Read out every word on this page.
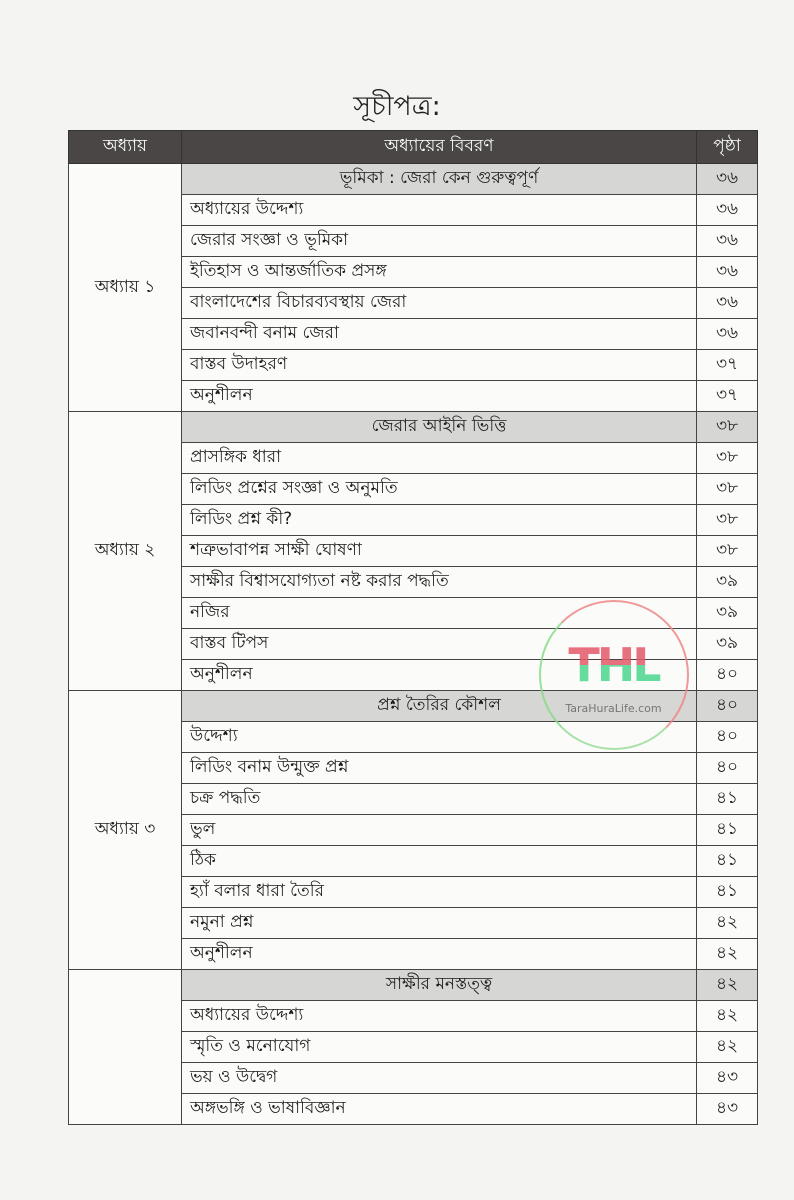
সূচীপত্র:
অধ্যায়	অধ্যায়ের বিবরণ	পৃষ্ঠা
অধ্যায় ১	ভূমিকা : জেরা কেন গুরুত্বপূর্ণ	৩৬
	অধ্যায়ের উদ্দেশ্য	৩৬
	জেরার সংজ্ঞা ও ভূমিকা	৩৬
	ইতিহাস ও আন্তর্জাতিক প্রসঙ্গ	৩৬
	বাংলাদেশের বিচারব্যবস্থায় জেরা	৩৬
	জবানবন্দী বনাম জেরা	৩৬
	বাস্তব উদাহরণ	৩৭
	অনুশীলন	৩৭
অধ্যায় ২	জেরার আইনি ভিত্তি	৩৮
	প্রাসঙ্গিক ধারা	৩৮
	লিডিং প্রশ্নের সংজ্ঞা ও অনুমতি	৩৮
	লিডিং প্রশ্ন কী?	৩৮
	শত্রুভাবাপন্ন সাক্ষী ঘোষণা	৩৮
	সাক্ষীর বিশ্বাসযোগ্যতা নষ্ট করার পদ্ধতি	৩৯
	নজির	৩৯
	বাস্তব টিপস	৩৯
	অনুশীলন	৪০
অধ্যায় ৩	প্রশ্ন তৈরির কৌশল	৪০
	উদ্দেশ্য	৪০
	লিডিং বনাম উন্মুক্ত প্রশ্ন	৪০
	চক্র পদ্ধতি	৪১
	ভুল	৪১
	ঠিক	৪১
	হ্যাঁ বলার ধারা তৈরি	৪১
	নমুনা প্রশ্ন	৪২
	অনুশীলন	৪২
	সাক্ষীর মনস্তত্ত্ব	৪২
	অধ্যায়ের উদ্দেশ্য	৪২
	স্মৃতি ও মনোযোগ	৪২
	ভয় ও উদ্বেগ	৪৩
	অঙ্গভঙ্গি ও ভাষাবিজ্ঞান	৪৩
THL
TaraHuraLife.com
